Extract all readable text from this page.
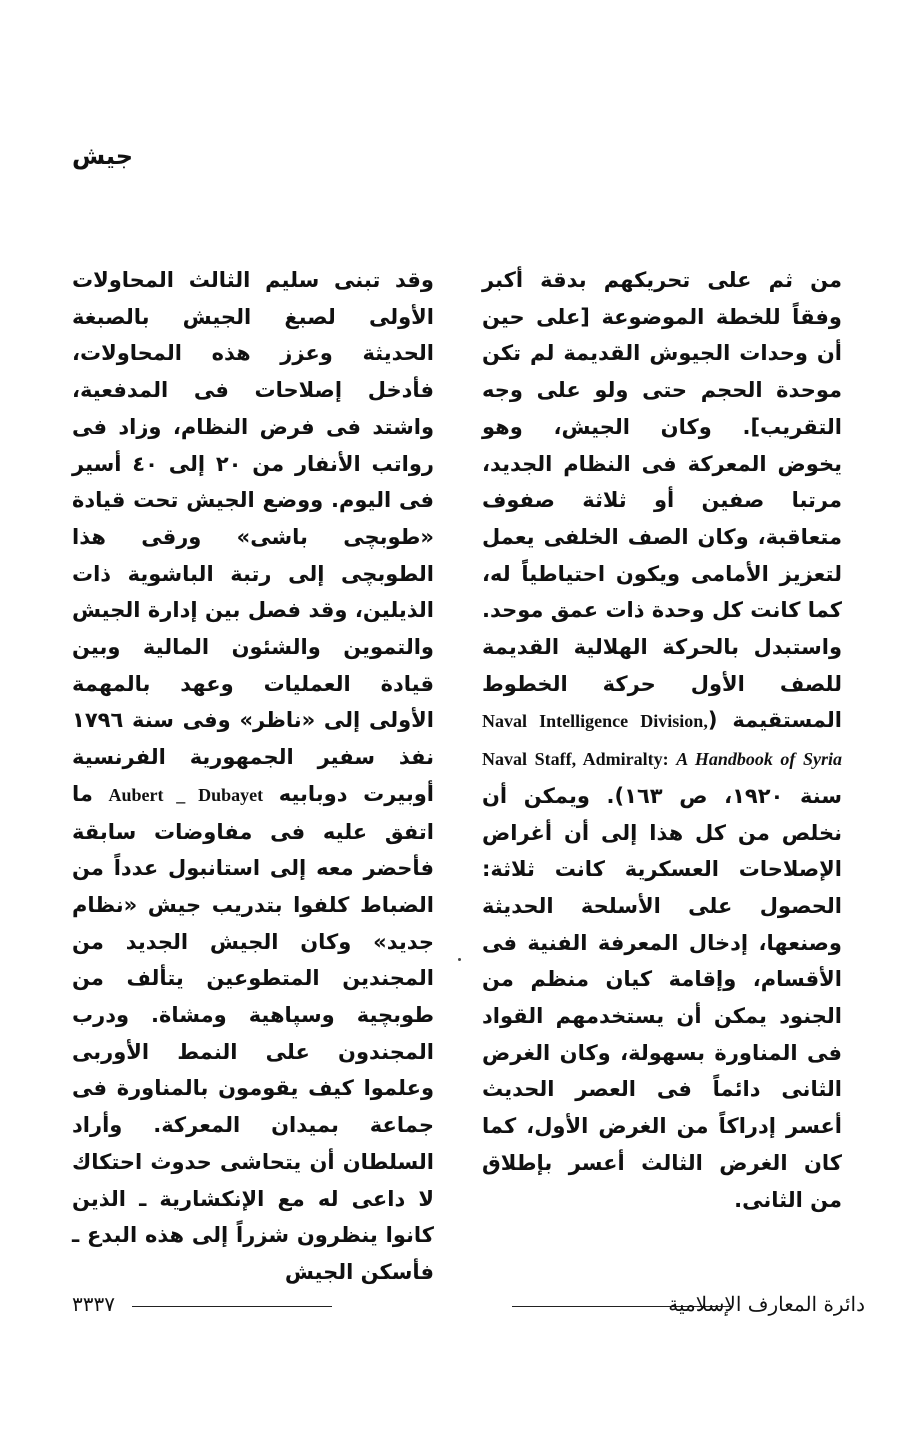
جيش

من ثم على تحريكهم بدقة أكبر وفقاً للخطة الموضوعة [على حين أن وحدات الجيوش القديمة لم تكن موحدة الحجم حتى ولو على وجه التقريب]. وكان الجيش، وهو يخوض المعركة فى النظام الجديد، مرتبا صفين أو ثلاثة صفوف متعاقبة، وكان الصف الخلفى يعمل لتعزيز الأمامى ويكون احتياطياً له، كما كانت كل وحدة ذات عمق موحد. واستبدل بالحركة الهلالية القديمة للصف الأول حركة الخطوط المستقيمة (Naval Intelligence Division, Naval Staff, Admiralty: A Handbook of Syria سنة ١٩٢٠، ص ١٦٣). ويمكن أن نخلص من كل هذا إلى أن أغراض الإصلاحات العسكرية كانت ثلاثة: الحصول على الأسلحة الحديثة وصنعها، إدخال المعرفة الفنية فى الأقسام، وإقامة كيان منظم من الجنود يمكن أن يستخدمهم القواد فى المناورة بسهولة، وكان الغرض الثانى دائماً فى العصر الحديث أعسر إدراكاً من الغرض الأول، كما كان الغرض الثالث أعسر بإطلاق من الثانى.

وقد تبنى سليم الثالث المحاولات الأولى لصبغ الجيش بالصبغة الحديثة وعزز هذه المحاولات، فأدخل إصلاحات فى المدفعية، واشتد فى فرض النظام، وزاد فى رواتب الأنفار من ٢٠ إلى ٤٠ أسير فى اليوم. ووضع الجيش تحت قيادة «طوبچى باشى» ورقى هذا الطوبچى إلى رتبة الباشوية ذات الذيلين، وقد فصل بين إدارة الجيش والتموين والشئون المالية وبين قيادة العمليات وعهد بالمهمة الأولى إلى «ناظر» وفى سنة ١٧٩٦ نفذ سفير الجمهورية الفرنسية أوبيرت دوبابيه Aubert _ Dubayet ما اتفق عليه فى مفاوضات سابقة فأحضر معه إلى استانبول عدداً من الضباط كلفوا بتدريب جيش «نظام جديد» وكان الجيش الجديد من المجندين المتطوعين يتألف من طوبچية وسپاهية ومشاة. ودرب المجندون على النمط الأوربى وعلموا كيف يقومون بالمناورة فى جماعة بميدان المعركة. وأراد السلطان أن يتحاشى حدوث احتكاك لا داعى له مع الإنكشارية ـ الذين كانوا ينظرون شزراً إلى هذه البدع ـ فأسكن الجيش

٣٣٣٧	دائرة المعارف الإسلامية
